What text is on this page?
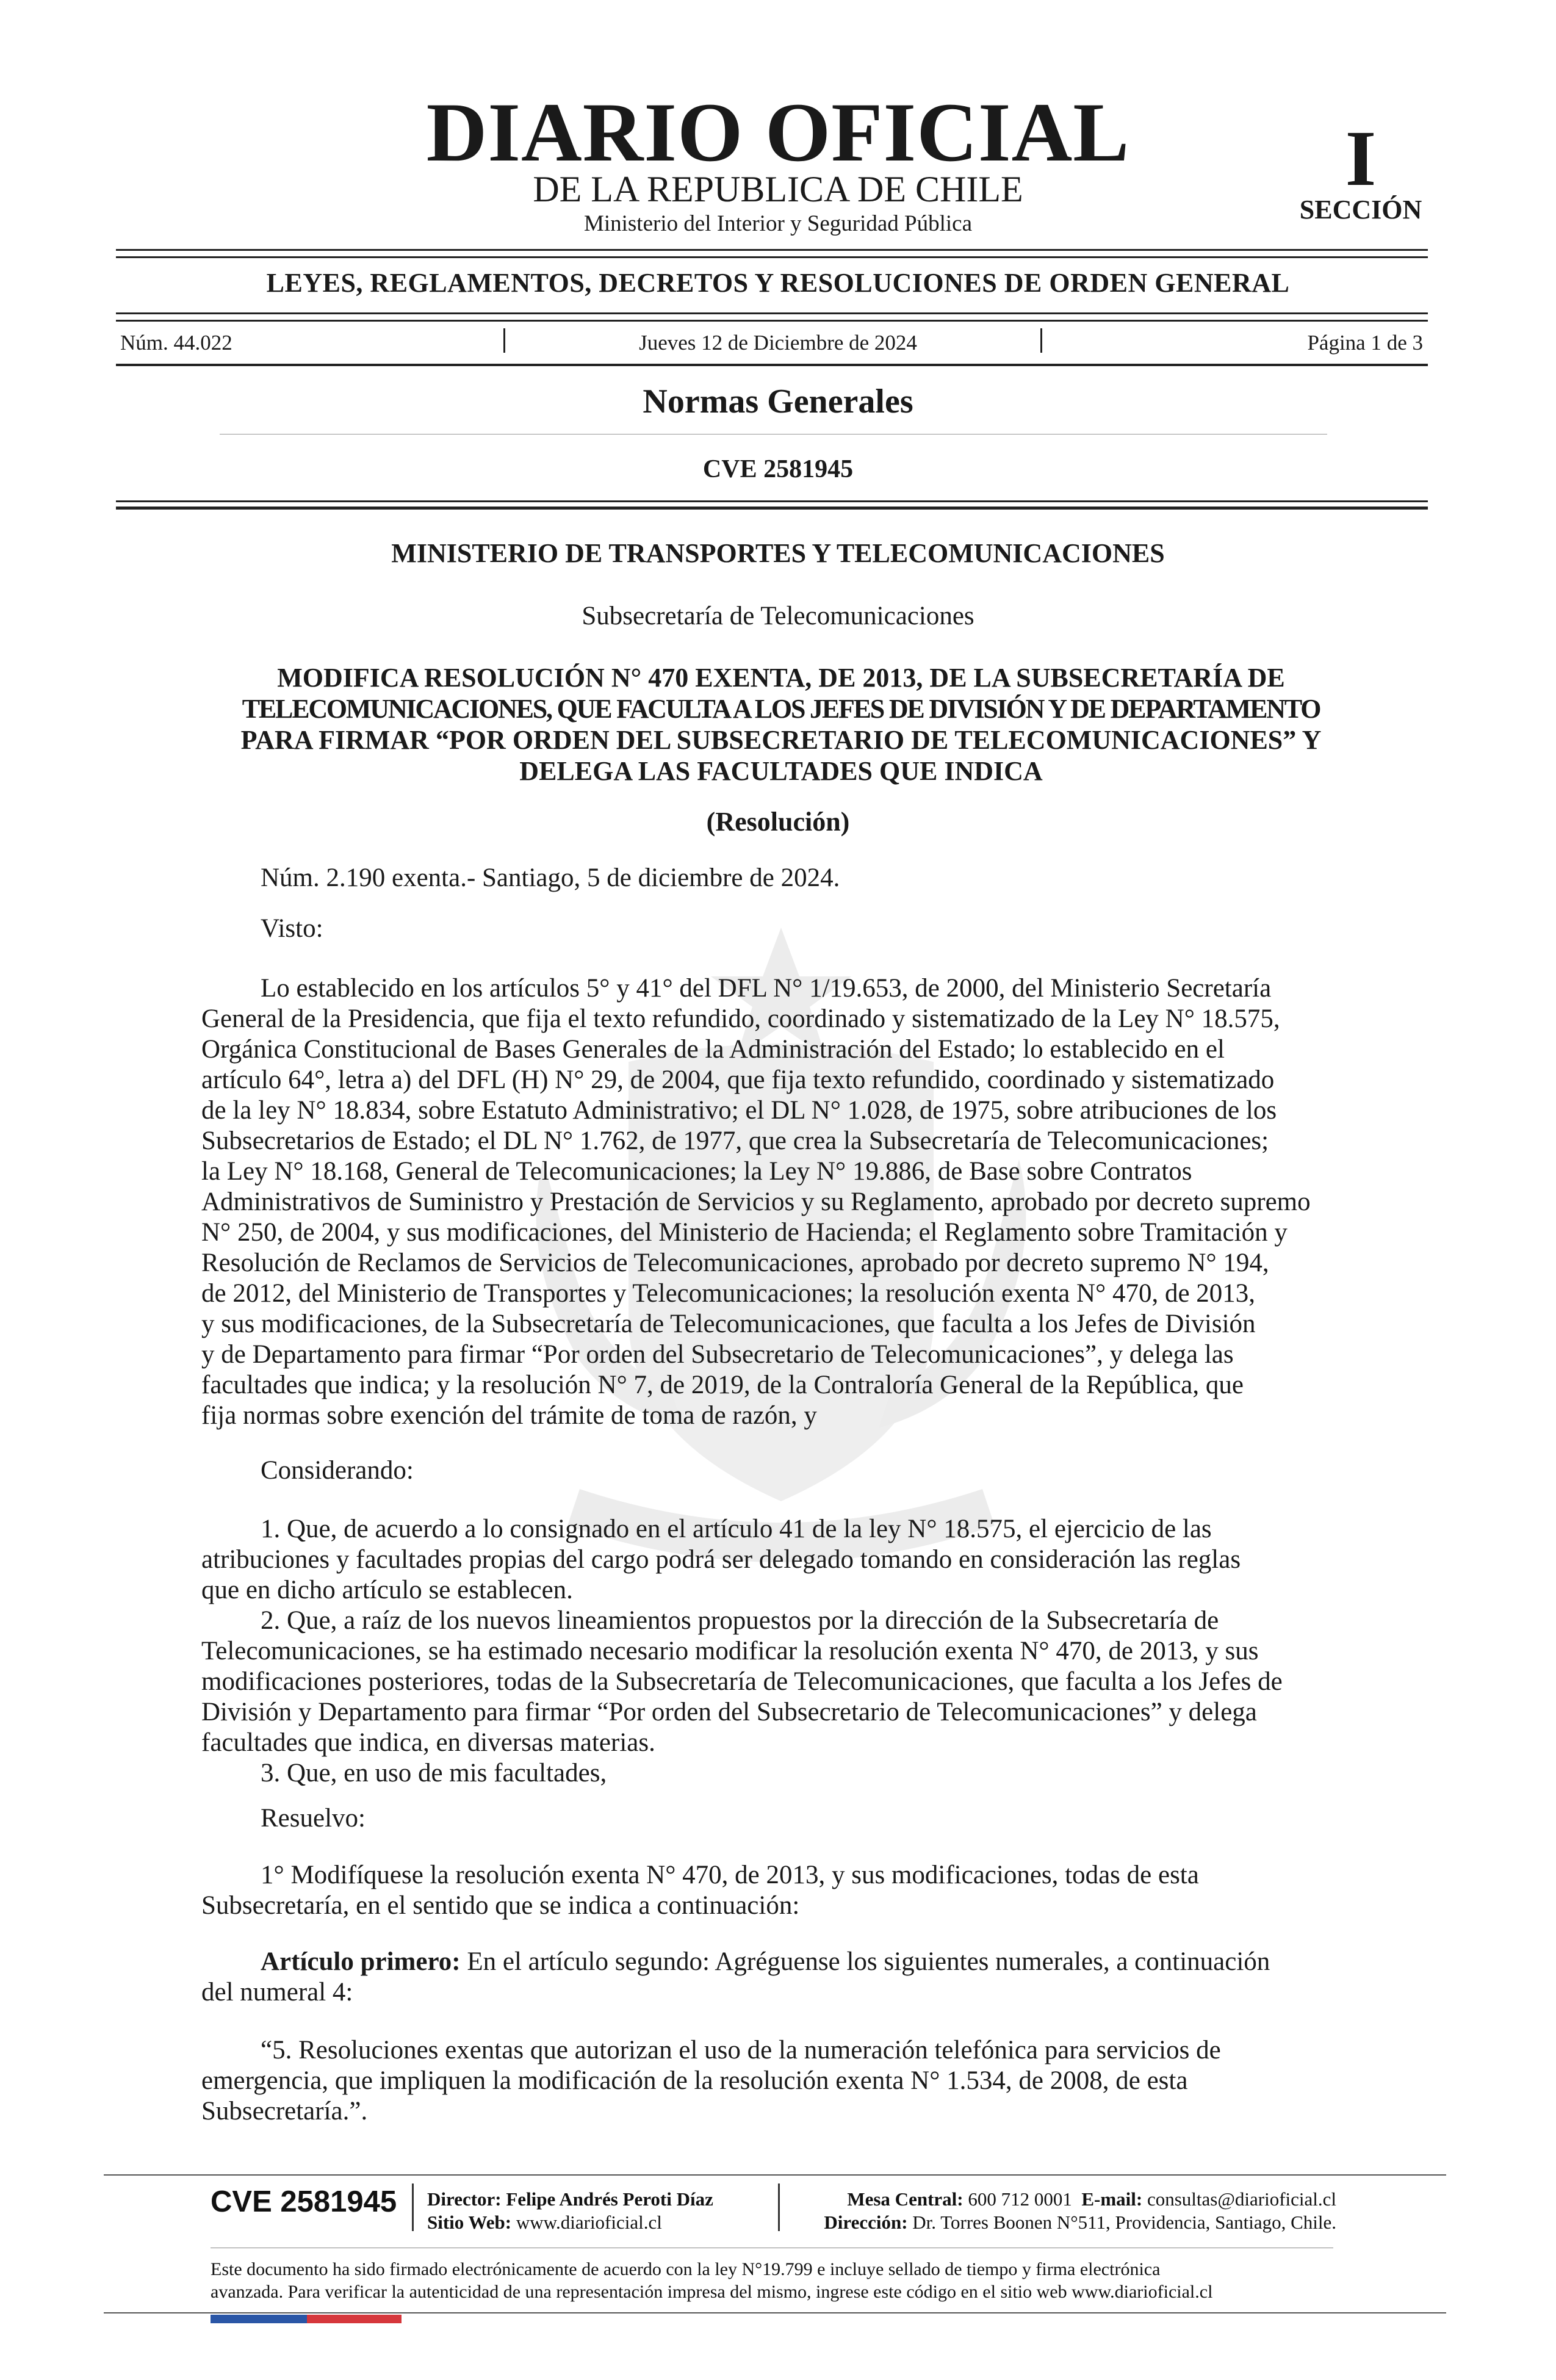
DIARIO OFICIAL
DE LA REPUBLICA DE CHILE
Ministerio del Interior y Seguridad Pública
I
SECCIÓN
LEYES, REGLAMENTOS, DECRETOS Y RESOLUCIONES DE ORDEN GENERAL
Núm. 44.022	Jueves 12 de Diciembre de 2024	Página 1 de 3
Normas Generales
CVE 2581945
MINISTERIO DE TRANSPORTES Y TELECOMUNICACIONES
Subsecretaría de Telecomunicaciones
MODIFICA RESOLUCIÓN N° 470 EXENTA, DE 2013, DE LA SUBSECRETARÍA DE
TELECOMUNICACIONES, QUE FACULTA A LOS JEFES DE DIVISIÓN Y DE DEPARTAMENTO
PARA FIRMAR “POR ORDEN DEL SUBSECRETARIO DE TELECOMUNICACIONES” Y
DELEGA LAS FACULTADES QUE INDICA
(Resolución)
Núm. 2.190 exenta.- Santiago, 5 de diciembre de 2024.
Visto:
Lo establecido en los artículos 5° y 41° del DFL N° 1/19.653, de 2000, del Ministerio Secretaría
General de la Presidencia, que fija el texto refundido, coordinado y sistematizado de la Ley N° 18.575,
Orgánica Constitucional de Bases Generales de la Administración del Estado; lo establecido en el
artículo 64°, letra a) del DFL (H) N° 29, de 2004, que fija texto refundido, coordinado y sistematizado
de la ley N° 18.834, sobre Estatuto Administrativo; el DL N° 1.028, de 1975, sobre atribuciones de los
Subsecretarios de Estado; el DL N° 1.762, de 1977, que crea la Subsecretaría de Telecomunicaciones;
la Ley N° 18.168, General de Telecomunicaciones; la Ley N° 19.886, de Base sobre Contratos
Administrativos de Suministro y Prestación de Servicios y su Reglamento, aprobado por decreto supremo
N° 250, de 2004, y sus modificaciones, del Ministerio de Hacienda; el Reglamento sobre Tramitación y
Resolución de Reclamos de Servicios de Telecomunicaciones, aprobado por decreto supremo N° 194,
de 2012, del Ministerio de Transportes y Telecomunicaciones; la resolución exenta N° 470, de 2013,
y sus modificaciones, de la Subsecretaría de Telecomunicaciones, que faculta a los Jefes de División
y de Departamento para firmar “Por orden del Subsecretario de Telecomunicaciones”, y delega las
facultades que indica; y la resolución N° 7, de 2019, de la Contraloría General de la República, que
fija normas sobre exención del trámite de toma de razón, y
Considerando:
1. Que, de acuerdo a lo consignado en el artículo 41 de la ley N° 18.575, el ejercicio de las
atribuciones y facultades propias del cargo podrá ser delegado tomando en consideración las reglas
que en dicho artículo se establecen.
2. Que, a raíz de los nuevos lineamientos propuestos por la dirección de la Subsecretaría de
Telecomunicaciones, se ha estimado necesario modificar la resolución exenta N° 470, de 2013, y sus
modificaciones posteriores, todas de la Subsecretaría de Telecomunicaciones, que faculta a los Jefes de
División y Departamento para firmar “Por orden del Subsecretario de Telecomunicaciones” y delega
facultades que indica, en diversas materias.
3. Que, en uso de mis facultades,
Resuelvo:
1° Modifíquese la resolución exenta N° 470, de 2013, y sus modificaciones, todas de esta
Subsecretaría, en el sentido que se indica a continuación:
Artículo primero: En el artículo segundo: Agréguense los siguientes numerales, a continuación
del numeral 4:
“5. Resoluciones exentas que autorizan el uso de la numeración telefónica para servicios de
emergencia, que impliquen la modificación de la resolución exenta N° 1.534, de 2008, de esta
Subsecretaría.”.
CVE 2581945 Director: Felipe Andrés Peroti Díaz
Sitio Web: www.diarioficial.cl
Mesa Central: 600 712 0001 E-mail: consultas@diarioficial.cl
Dirección: Dr. Torres Boonen N°511, Providencia, Santiago, Chile.
Este documento ha sido firmado electrónicamente de acuerdo con la ley N°19.799 e incluye sellado de tiempo y firma electrónica
avanzada. Para verificar la autenticidad de una representación impresa del mismo, ingrese este código en el sitio web www.diarioficial.cl
